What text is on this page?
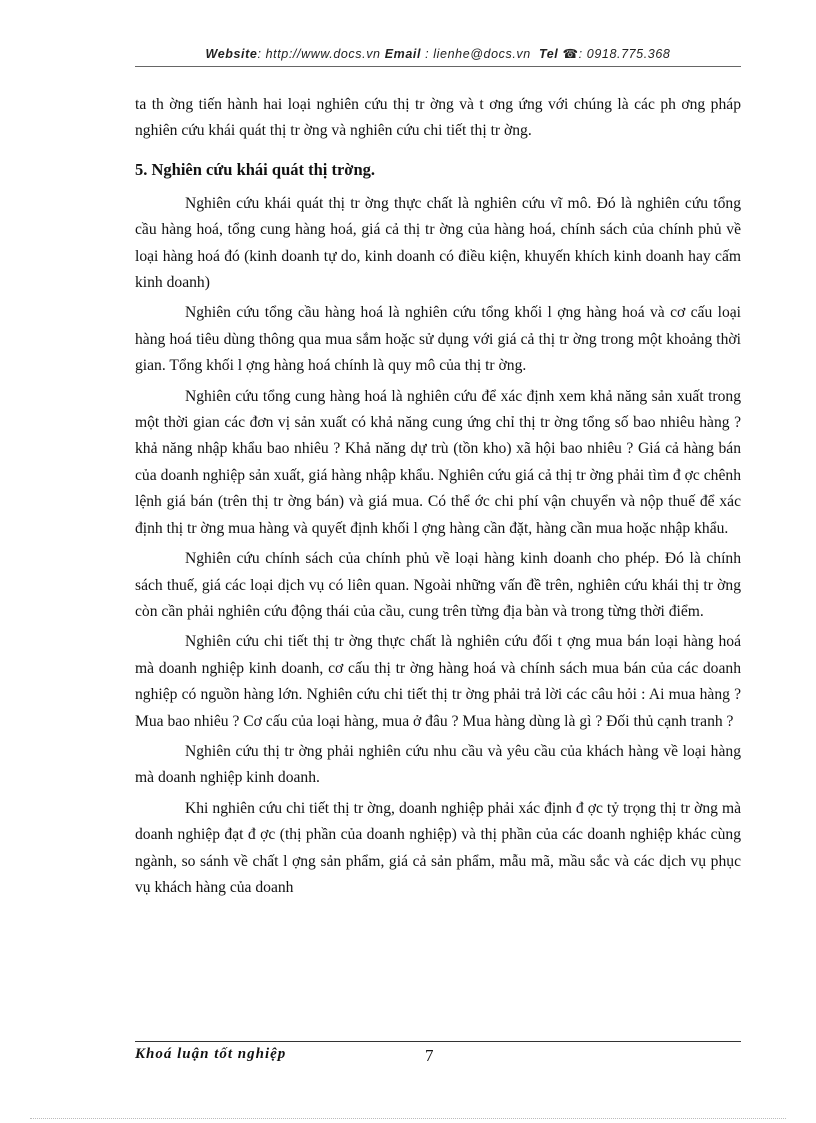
Website: http://www.docs.vn Email : lienhe@docs.vn Tel ☎: 0918.775.368

ta th ờng tiến hành hai loại nghiên cứu thị tr ờng và t ơng ứng với chúng là các ph ơng pháp nghiên cứu khái quát thị tr ờng và nghiên cứu chi tiết thị tr ờng.

5. Nghiên cứu khái quát thị trờng.

Nghiên cứu khái quát thị tr ờng thực chất là nghiên cứu vĩ mô. Đó là nghiên cứu tổng cầu hàng hoá, tổng cung hàng hoá, giá cả thị tr ờng của hàng hoá, chính sách của chính phủ về loại hàng hoá đó (kinh doanh tự do, kinh doanh có điều kiện, khuyến khích kinh doanh hay cấm kinh doanh)

Nghiên cứu tổng cầu hàng hoá là nghiên cứu tổng khối l ợng hàng hoá và cơ cấu loại hàng hoá tiêu dùng thông qua mua sắm hoặc sử dụng với giá cả thị tr ờng trong một khoảng thời gian. Tổng khối l ợng hàng hoá chính là quy mô của thị tr ờng.

Nghiên cứu tổng cung hàng hoá là nghiên cứu để xác định xem khả năng sản xuất trong một thời gian các đơn vị sản xuất có khả năng cung ứng chỉ thị tr ờng tổng số bao nhiêu hàng ? khả năng nhập khẩu bao nhiêu ? Khả năng dự trù (tồn kho) xã hội bao nhiêu ? Giá cả hàng bán của doanh nghiệp sản xuất, giá hàng nhập khẩu. Nghiên cứu giá cả thị tr ờng phải tìm đ ợc chênh lệnh giá bán (trên thị tr ờng bán) và giá mua. Có thể ớc chi phí vận chuyển và nộp thuế để xác định thị tr ờng mua hàng và quyết định khối l ợng hàng cần đặt, hàng cần mua hoặc nhập khẩu.

Nghiên cứu chính sách của chính phủ về loại hàng kinh doanh cho phép. Đó là chính sách thuế, giá các loại dịch vụ có liên quan. Ngoài những vấn đề trên, nghiên cứu khái thị tr ờng còn cần phải nghiên cứu động thái của cầu, cung trên từng địa bàn và trong từng thời điểm.

Nghiên cứu chi tiết thị tr ờng thực chất là nghiên cứu đối t ợng mua bán loại hàng hoá mà doanh nghiệp kinh doanh, cơ cấu thị tr ờng hàng hoá và chính sách mua bán của các doanh nghiệp có nguồn hàng lớn. Nghiên cứu chi tiết thị tr ờng phải trả lời các câu hỏi : Ai mua hàng ? Mua bao nhiêu ? Cơ cấu của loại hàng, mua ở đâu ? Mua hàng dùng là gì ? Đối thủ cạnh tranh ?

Nghiên cứu thị tr ờng phải nghiên cứu nhu cầu và yêu cầu của khách hàng về loại hàng mà doanh nghiệp kinh doanh.

Khi nghiên cứu chi tiết thị tr ờng, doanh nghiệp phải xác định đ ợc tỷ trọng thị tr ờng mà doanh nghiệp đạt đ ợc (thị phần của doanh nghiệp) và thị phần của các doanh nghiệp khác cùng ngành, so sánh về chất l ợng sản phẩm, giá cả sản phẩm, mẫu mã, mầu sắc và các dịch vụ phục vụ khách hàng của doanh

Khoá luận tốt nghiệp	7
